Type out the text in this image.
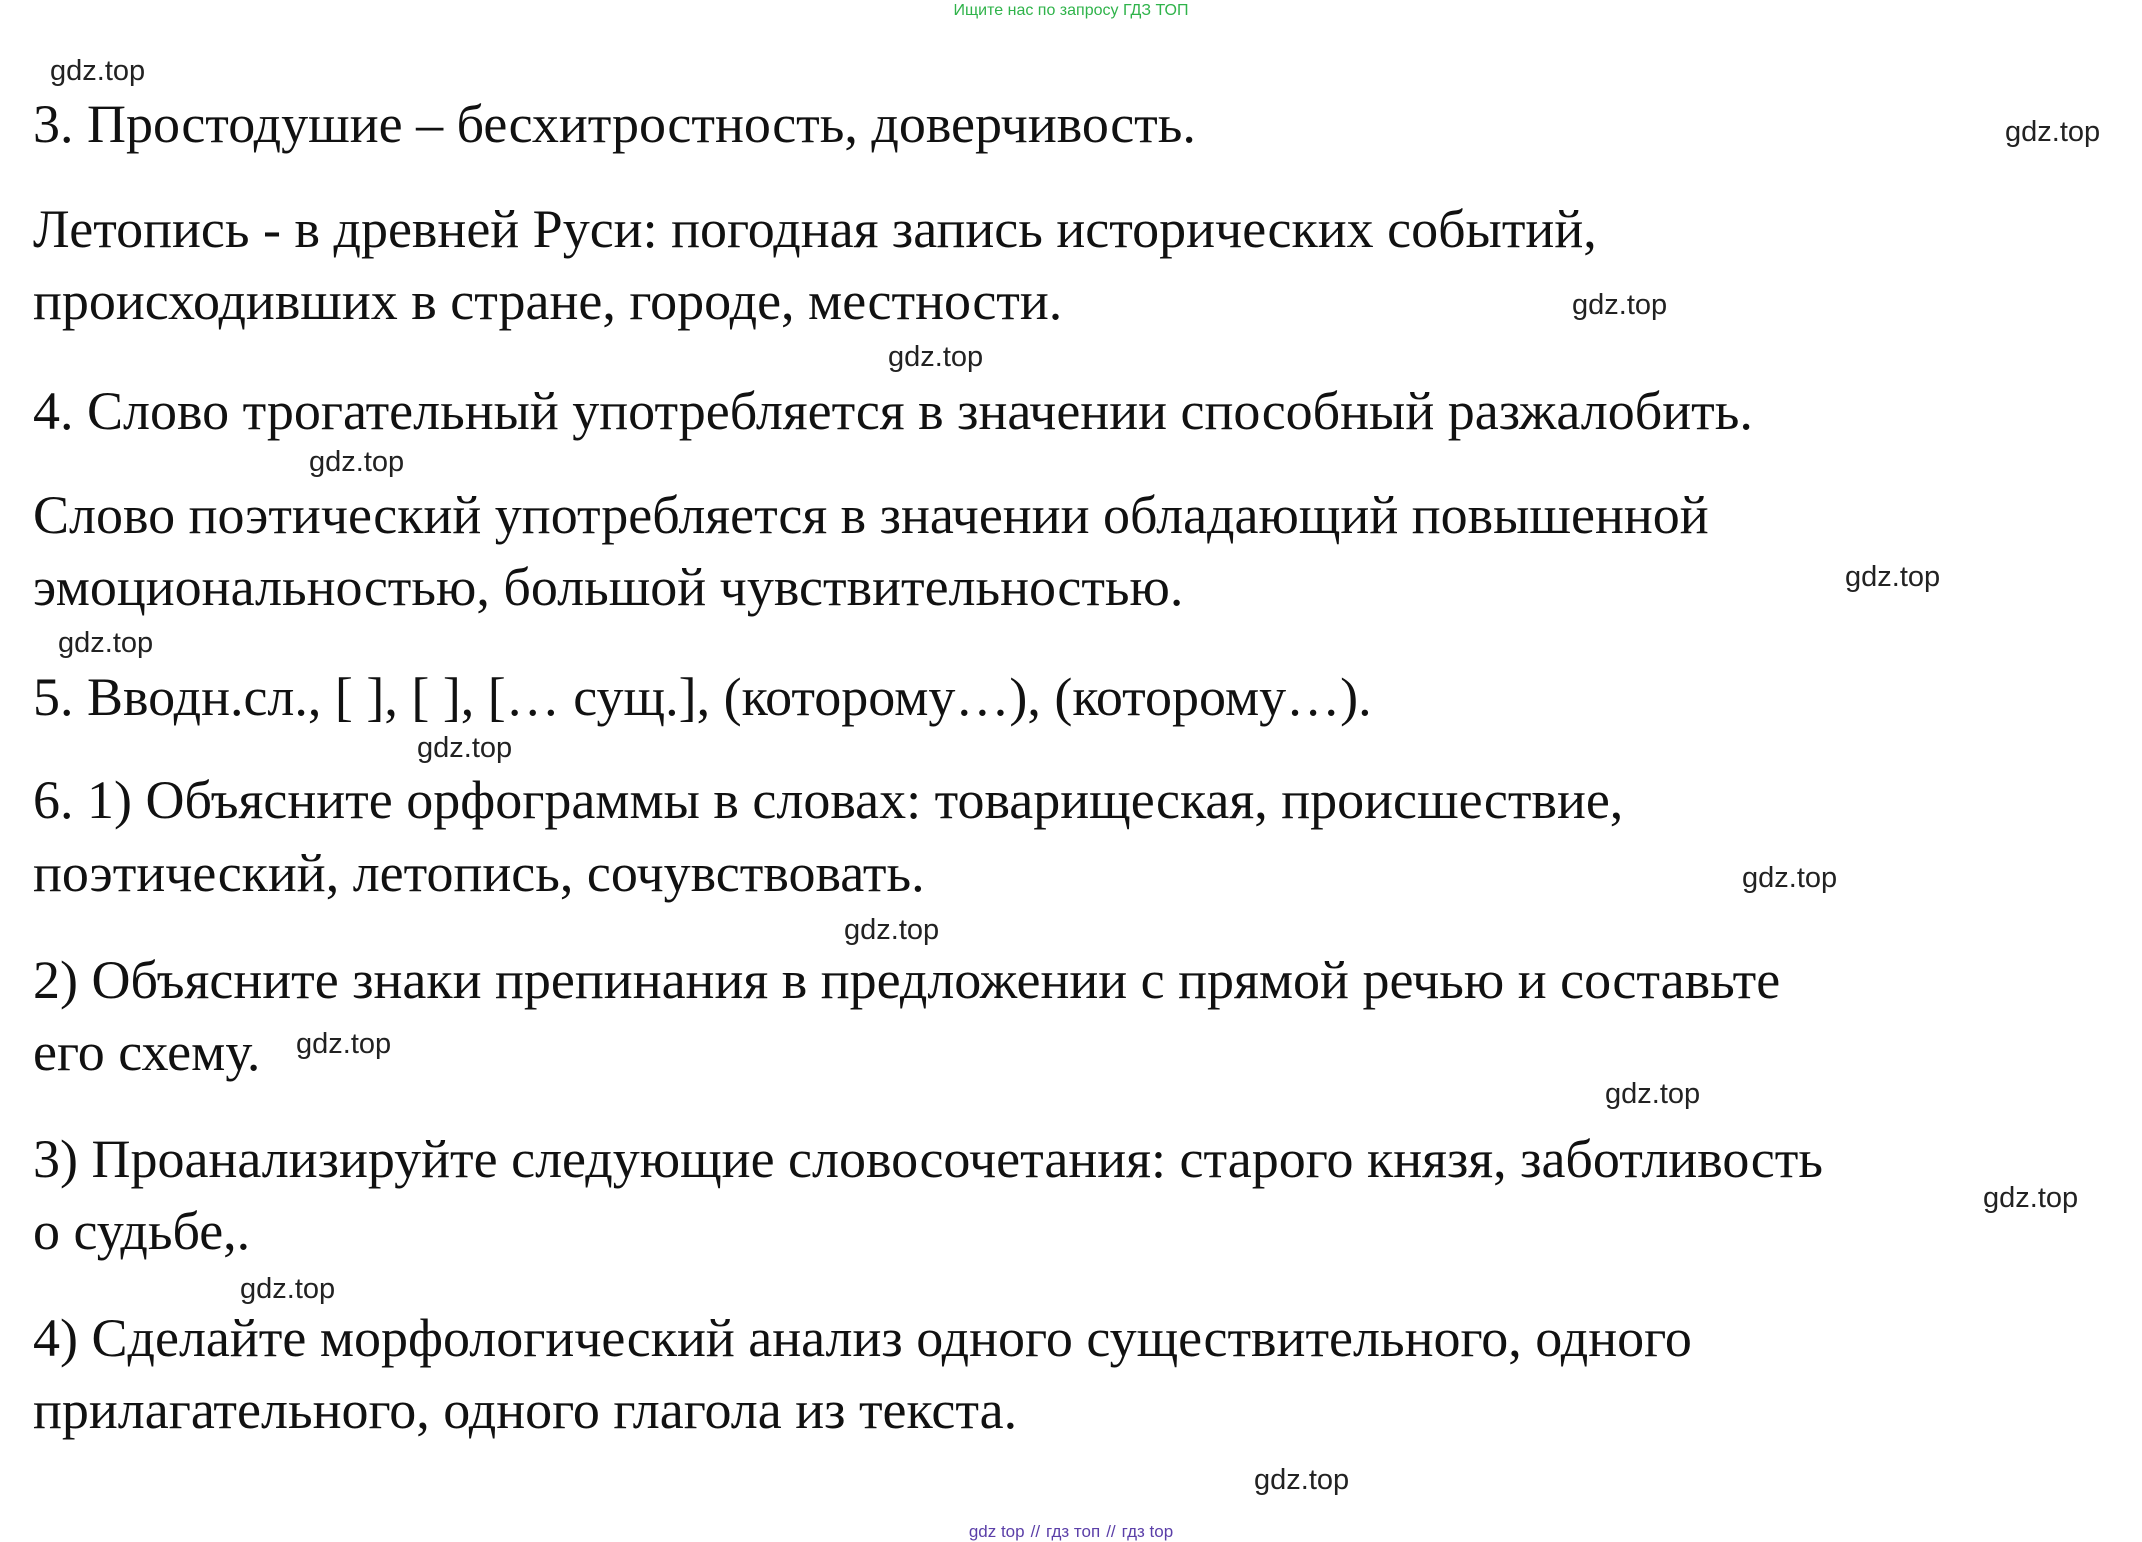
Ищите нас по запросу ГДЗ ТОП
gdz.top
gdz.top
gdz.top
gdz.top
gdz.top
gdz.top
gdz.top
gdz.top
gdz.top
gdz.top
gdz.top
gdz.top
gdz.top
gdz.top
gdz.top
3. Простодушие – бесхитростность, доверчивость.
Летопись - в древней Руси: погодная запись исторических событий,
происходивших в стране, городе, местности.
4. Слово трогательный употребляется в значении способный разжалобить.
Слово поэтический употребляется в значении обладающий повышенной
эмоциональностью, большой чувствительностью.
5. Вводн.сл., [ ], [ ], [… сущ.], (которому…), (которому…).
6. 1) Объясните орфограммы в словах: товарищеская, происшествие,
поэтический, летопись, сочувствовать.
2) Объясните знаки препинания в предложении с прямой речью и составьте
его схему.
3) Проанализируйте следующие словосочетания: старого князя, заботливость
о судьбе,.
4) Сделайте морфологический анализ одного существительного, одного
прилагательного, одного глагола из текста.
gdz top // гдз топ // гдз top
